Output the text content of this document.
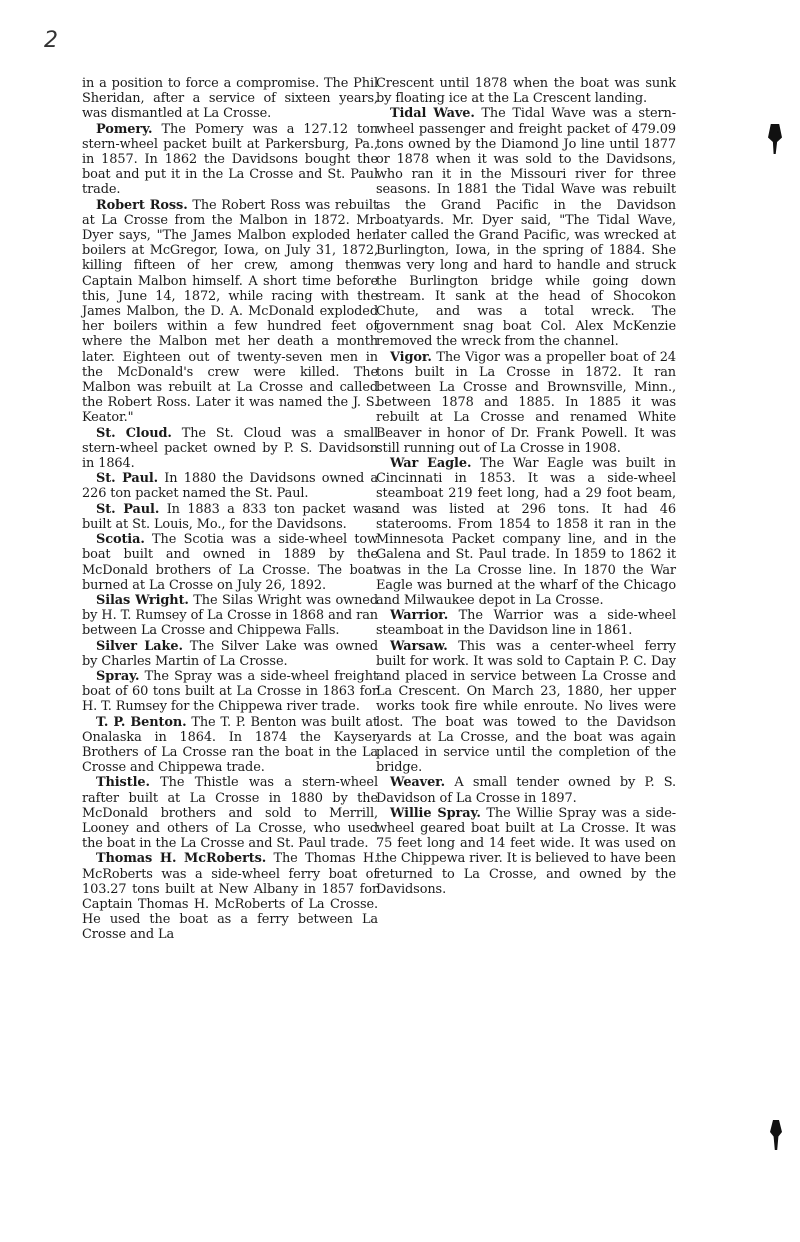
2

in a position to force a compromise. The Phil Sheridan, after a service of sixteen years, was dismantled at La Crosse.

Pomery. The Pomery was a 127.12 ton stern-wheel packet built at Parkersburg, Pa., in 1857. In 1862 the Davidsons bought the boat and put it in the La Crosse and St. Paul trade.

Robert Ross. The Robert Ross was rebuilt at La Crosse from the Malbon in 1872. Mr. Dyer says, "The James Malbon exploded her boilers at McGregor, Iowa, on July 31, 1872, killing fifteen of her crew, among them Captain Malbon himself. A short time before this, June 14, 1872, while racing with the James Malbon, the D. A. McDonald exploded her boilers within a few hundred feet of where the Malbon met her death a month later. Eighteen out of twenty-seven men in the McDonald's crew were killed. The Malbon was rebuilt at La Crosse and called the Robert Ross. Later it was named the J. S. Keator."

St. Cloud. The St. Cloud was a small stern-wheel packet owned by P. S. Davidson in 1864.

St. Paul. In 1880 the Davidsons owned a 226 ton packet named the St. Paul.

St. Paul. In 1883 a 833 ton packet was built at St. Louis, Mo., for the Davidsons.

Scotia. The Scotia was a side-wheel tow boat built and owned in 1889 by the McDonald brothers of La Crosse. The boat burned at La Crosse on July 26, 1892.

Silas Wright. The Silas Wright was owned by H. T. Rumsey of La Crosse in 1868 and ran between La Crosse and Chippewa Falls.

Silver Lake. The Silver Lake was owned by Charles Martin of La Crosse.

Spray. The Spray was a side-wheel freight boat of 60 tons built at La Crosse in 1863 for H. T. Rumsey for the Chippewa river trade.

T. P. Benton. The T. P. Benton was built at Onalaska in 1864. In 1874 the Kayser Brothers of La Crosse ran the boat in the La Crosse and Chippewa trade.

Thistle. The Thistle was a stern-wheel rafter built at La Crosse in 1880 by the McDonald brothers and sold to Merrill, Looney and others of La Crosse, who used the boat in the La Crosse and St. Paul trade.

Thomas H. McRoberts. The Thomas H. McRoberts was a side-wheel ferry boat of 103.27 tons built at New Albany in 1857 for Captain Thomas H. McRoberts of La Crosse. He used the boat as a ferry between La Crosse and La

Crescent until 1878 when the boat was sunk by floating ice at the La Crescent landing.

Tidal Wave. The Tidal Wave was a stern-wheel passenger and freight packet of 479.09 tons owned by the Diamond Jo line until 1877 or 1878 when it was sold to the Davidsons, who ran it in the Missouri river for three seasons. In 1881 the Tidal Wave was rebuilt as the Grand Pacific in the Davidson boatyards. Mr. Dyer said, "The Tidal Wave, later called the Grand Pacific, was wrecked at Burlington, Iowa, in the spring of 1884. She was very long and hard to handle and struck the Burlington bridge while going down stream. It sank at the head of Shocokon Chute, and was a total wreck. The government snag boat Col. Alex McKenzie removed the wreck from the channel.

Vigor. The Vigor was a propeller boat of 24 tons built in La Crosse in 1872. It ran between La Crosse and Brownsville, Minn., between 1878 and 1885. In 1885 it was rebuilt at La Crosse and renamed White Beaver in honor of Dr. Frank Powell. It was still running out of La Crosse in 1908.

War Eagle. The War Eagle was built in Cincinnati in 1853. It was a side-wheel steamboat 219 feet long, had a 29 foot beam, and was listed at 296 tons. It had 46 staterooms. From 1854 to 1858 it ran in the Minnesota Packet company line, and in the Galena and St. Paul trade. In 1859 to 1862 it was in the La Crosse line. In 1870 the War Eagle was burned at the wharf of the Chicago and Milwaukee depot in La Crosse.

Warrior. The Warrior was a side-wheel steamboat in the Davidson line in 1861.

Warsaw. This was a center-wheel ferry built for work. It was sold to Captain P. C. Day and placed in service between La Crosse and La Crescent. On March 23, 1880, her upper works took fire while enroute. No lives were lost. The boat was towed to the Davidson yards at La Crosse, and the boat was again placed in service until the completion of the bridge.

Weaver. A small tender owned by P. S. Davidson of La Crosse in 1897.

Willie Spray. The Willie Spray was a side-wheel geared boat built at La Crosse. It was 75 feet long and 14 feet wide. It was used on the Chippewa river. It is believed to have been returned to La Crosse, and owned by the Davidsons.
